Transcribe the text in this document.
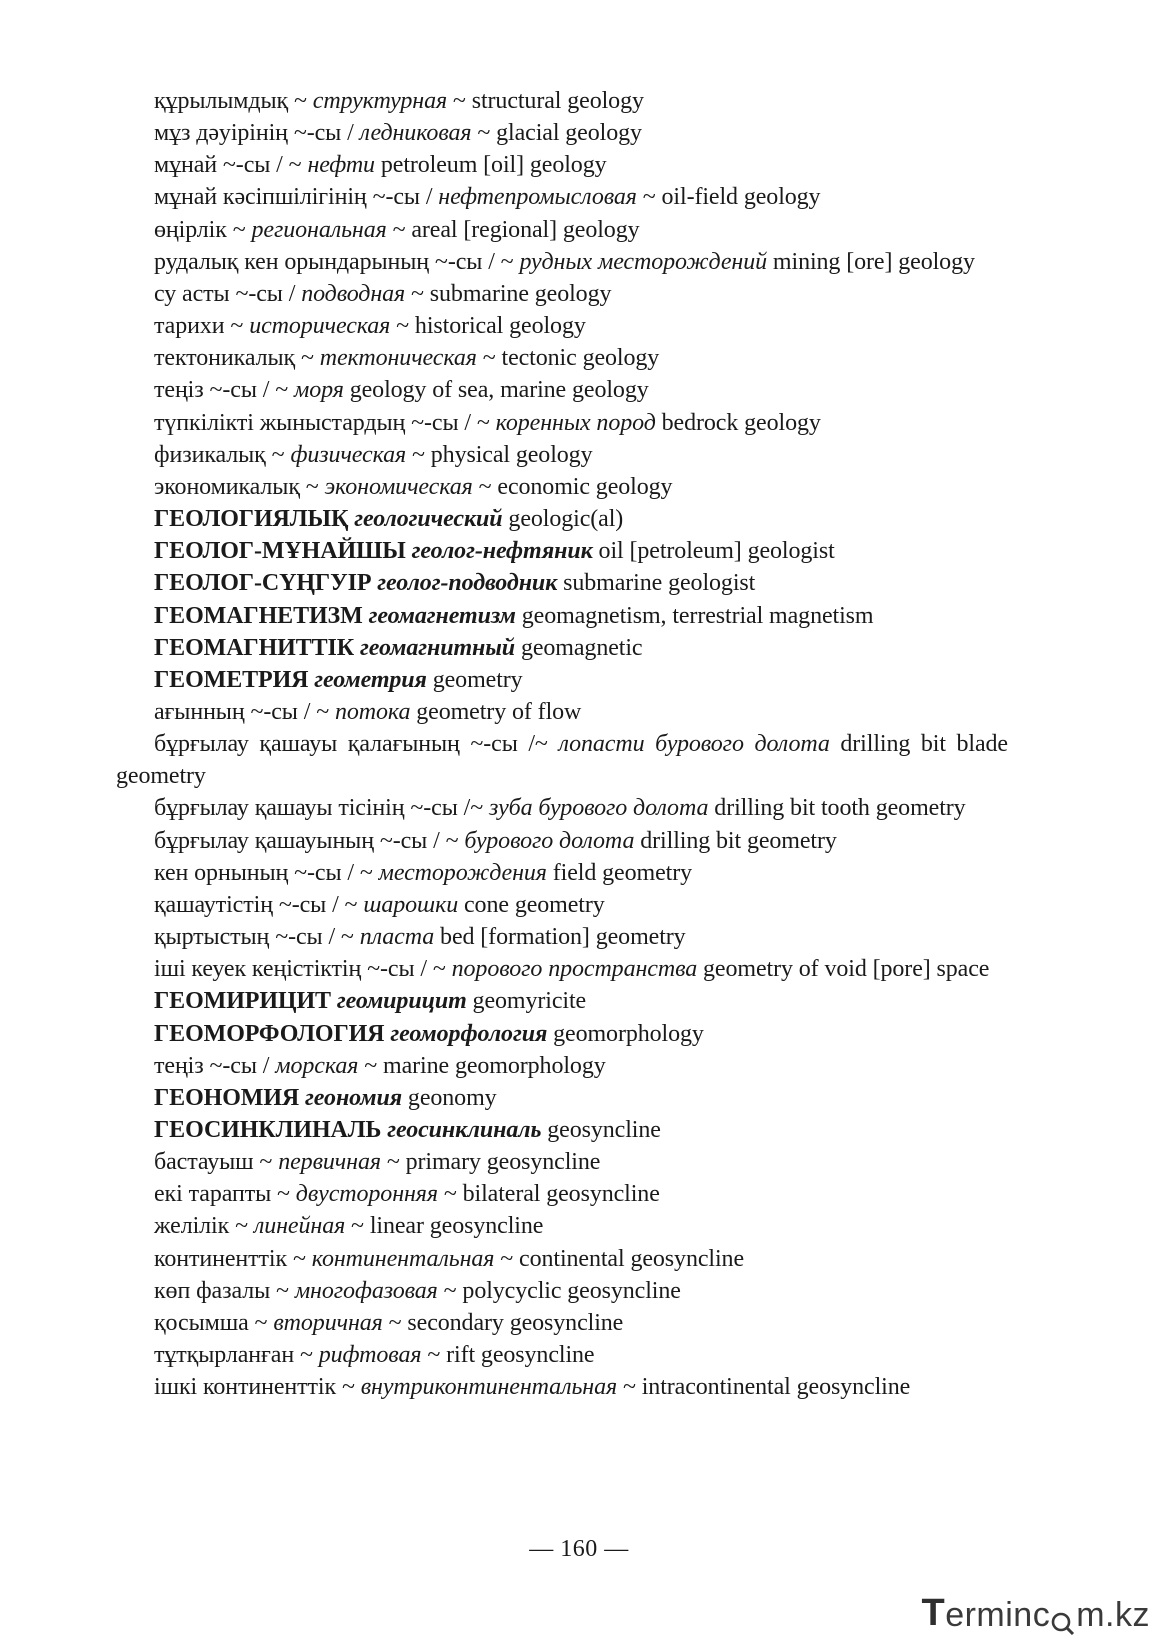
құрылымдық ~ структурная ~ structural geology
мұз дәуірінің ~-сы / ледниковая ~ glacial geology
мұнай ~-сы / ~ нефти petroleum [oil] geology
мұнай кәсіпшілігінің ~-сы / нефтепромысловая ~ oil-field geology
өңірлік ~ региональная ~ areal [regional] geology
рудалық кен орындарының ~-сы / ~ рудных месторождений mining [ore] geology
су асты ~-сы / подводная ~ submarine geology
тарихи ~ историческая ~ historical geology
тектоникалық ~ тектоническая ~ tectonic geology
теңіз ~-сы / ~ моря geology of sea, marine geology
түпкілікті жыныстардың ~-сы / ~ коренных пород bedrock geology
физикалық ~ физическая ~ physical geology
экономикалық ~ экономическая ~ economic geology
ГЕОЛОГИЯЛЫҚ геологический geologic(al)
ГЕОЛОГ-МҰНАЙШЫ геолог-нефтяник oil [petroleum] geologist
ГЕОЛОГ-СҮҢГУІР геолог-подводник submarine geologist
ГЕОМАГНЕТИЗМ геомагнетизм geomagnetism, terrestrial magnetism
ГЕОМАГНИТТІК геомагнитный geomagnetic
ГЕОМЕТРИЯ геометрия geometry
ағынның ~-сы / ~ потока geometry of flow
бұрғылау қашауы қалағының ~-сы /~ лопасти бурового долота drilling bit blade geometry
бұрғылау қашауы тісінің ~-сы /~ зуба бурового долота drilling bit tooth geometry
бұрғылау қашауының ~-сы / ~ бурового долота drilling bit geometry
кен орнының ~-сы / ~ месторождения field geometry
қашаутістің ~-сы / ~ шарошки cone geometry
қыртыстың ~-сы / ~ пласта bed [formation] geometry
іші кеуек кеңістіктің ~-сы / ~ порового пространства geometry of void [pore] space
ГЕОМИРИЦИТ геомирицит geomyricite
ГЕОМОРФОЛОГИЯ геоморфология geomorphology
теңіз ~-сы / морская ~ marine geomorphology
ГЕОНОМИЯ геономия geonomy
ГЕОСИНКЛИНАЛЬ геосинклиналь geosyncline
бастауыш ~ первичная ~ primary geosyncline
екі тарапты ~ двусторонняя ~ bilateral geosyncline
желілік ~ линейная ~ linear geosyncline
континенттік ~ континентальная ~ continental geosyncline
көп фазалы ~ многофазовая ~ polycyclic geosyncline
қосымша ~ вторичная ~ secondary geosyncline
тұтқырланған ~ рифтовая ~ rift geosyncline
ішкі континенттік ~ внутриконтинентальная ~ intracontinental geosyncline
— 160 —
T erminc m.kz
